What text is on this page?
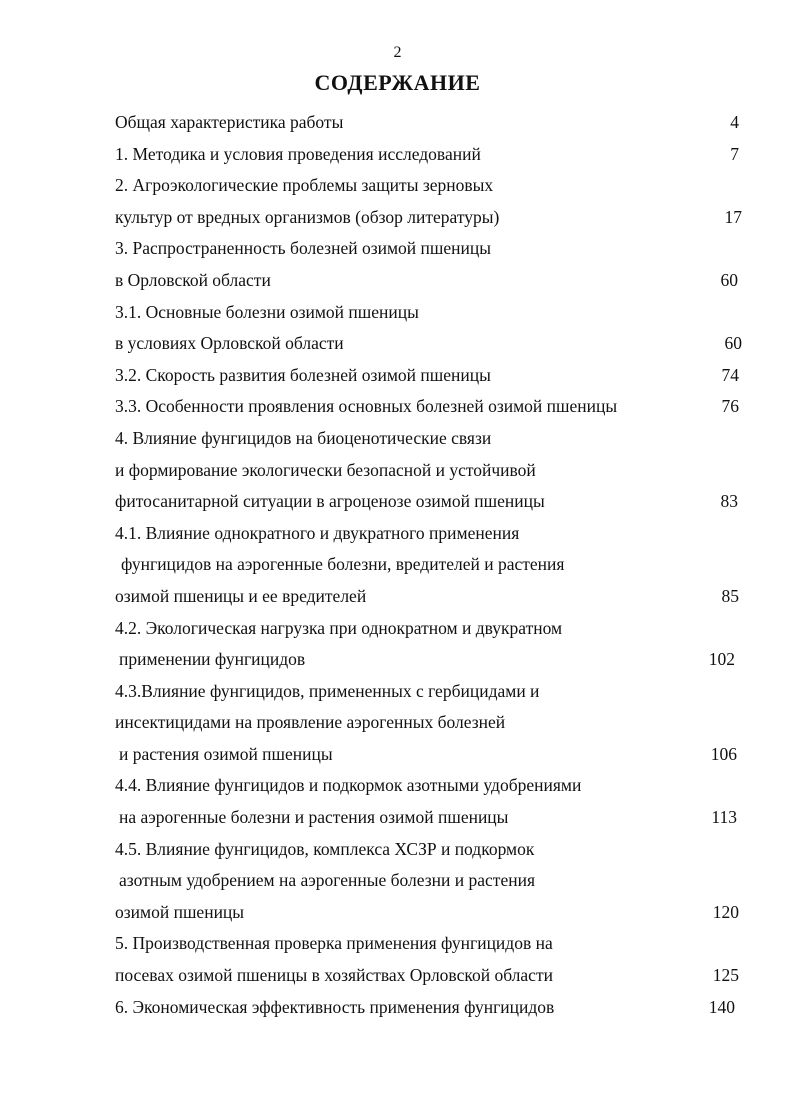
2
СОДЕРЖАНИЕ
Общая характеристика работы	4
1. Методика и условия проведения исследований	7
2. Агроэкологические проблемы защиты зерновых
культур от вредных организмов (обзор литературы)	17
3. Распространенность болезней озимой пшеницы
в Орловской области	60
3.1. Основные болезни озимой пшеницы
в условиях Орловской области	60
3.2. Скорость развития болезней озимой пшеницы	74
3.3. Особенности проявления основных болезней озимой пшеницы	76
4. Влияние фунгицидов на биоценотические связи
и формирование экологически безопасной и устойчивой
фитосанитарной ситуации в агроценозе озимой пшеницы	83
4.1. Влияние однократного и двукратного применения
фунгицидов на аэрогенные болезни, вредителей и растения
озимой пшеницы и ее вредителей	85
4.2. Экологическая нагрузка при однократном и двукратном
применении фунгицидов	102
4.3.Влияние фунгицидов, примененных с гербицидами и
инсектицидами на проявление аэрогенных болезней
и растения озимой пшеницы	106
4.4. Влияние фунгицидов и подкормок азотными удобрениями
на аэрогенные болезни и растения озимой пшеницы	113
4.5. Влияние фунгицидов, комплекса ХСЗР и подкормок
азотным удобрением на аэрогенные болезни и растения
озимой пшеницы	120
5. Производственная проверка применения фунгицидов на
посевах озимой пшеницы в хозяйствах Орловской области	125
6. Экономическая эффективность применения фунгицидов	140
